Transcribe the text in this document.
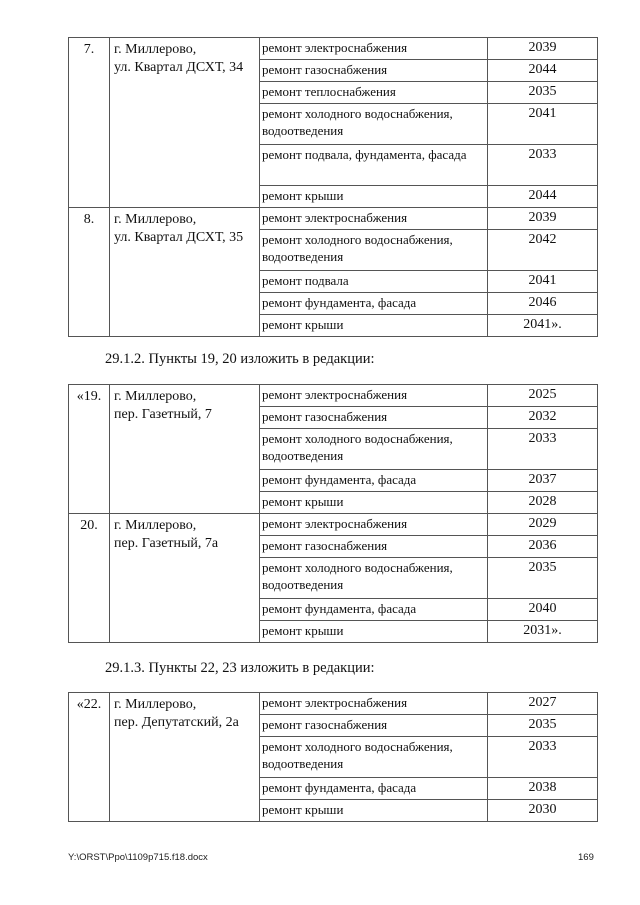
7.	г. Миллерово,
ул. Квартал ДСХТ, 34	ремонт электроснабжения	2039
		ремонт газоснабжения	2044
		ремонт теплоснабжения	2035
		ремонт холодного водоснабжения, водоотведения	2041
		ремонт подвала, фундамента, фасада	2033
		ремонт крыши	2044
8.	г. Миллерово,
ул. Квартал ДСХТ, 35	ремонт электроснабжения	2039
		ремонт холодного водоснабжения, водоотведения	2042
		ремонт подвала	2041
		ремонт фундамента, фасада	2046
		ремонт крыши	2041».
29.1.2. Пункты 19, 20 изложить в редакции:
«19.	г. Миллерово,
пер. Газетный, 7	ремонт электроснабжения	2025
		ремонт газоснабжения	2032
		ремонт холодного водоснабжения, водоотведения	2033
		ремонт фундамента, фасада	2037
		ремонт крыши	2028
20.	г. Миллерово,
пер. Газетный, 7а	ремонт электроснабжения	2029
		ремонт газоснабжения	2036
		ремонт холодного водоснабжения, водоотведения	2035
		ремонт фундамента, фасада	2040
		ремонт крыши	2031».
29.1.3. Пункты 22, 23 изложить в редакции:
«22.	г. Миллерово,
пер. Депутатский, 2а	ремонт электроснабжения	2027
		ремонт газоснабжения	2035
		ремонт холодного водоснабжения, водоотведения	2033
		ремонт фундамента, фасада	2038
		ремонт крыши	2030
Y:\ORST\Ppo\1109p715.f18.docx	169
